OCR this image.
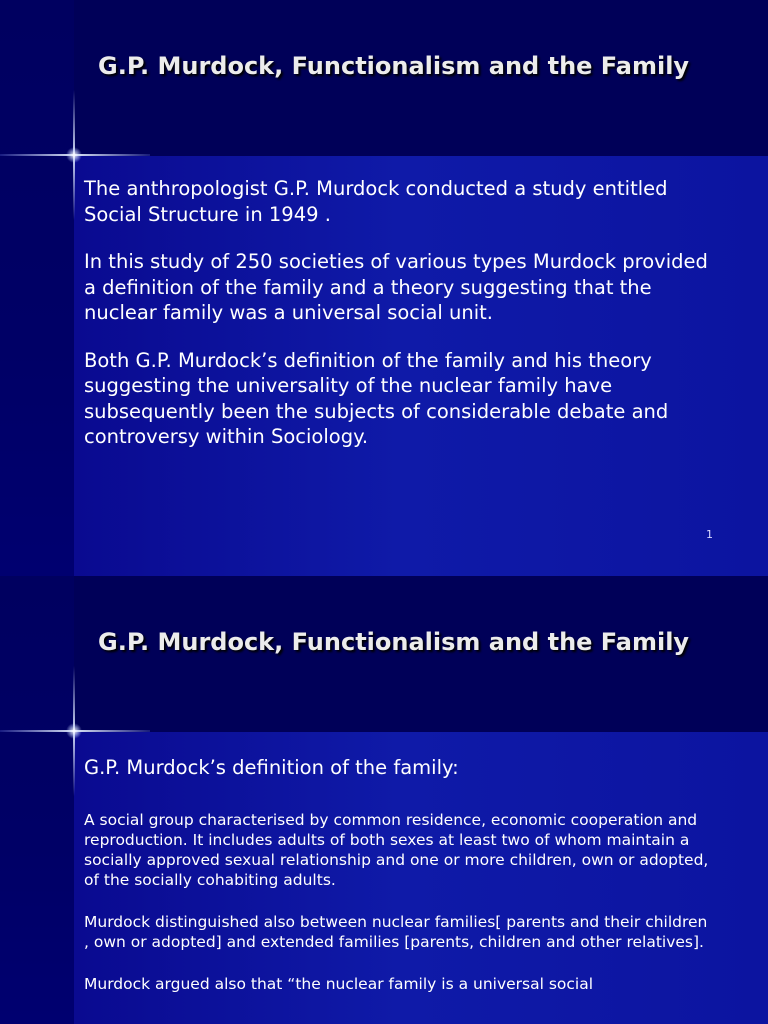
G.P. Murdock, Functionalism and the Family

The anthropologist G.P. Murdock conducted a study entitled Social Structure in 1949 .

In this study of 250 societies of various types Murdock provided a definition of the family and a theory suggesting that the nuclear family was a universal social unit.

Both G.P. Murdock’s definition of the family and his theory suggesting the universality of the nuclear family have subsequently been the subjects of considerable debate and controversy within Sociology.

1
G.P. Murdock, Functionalism and the Family

G.P. Murdock’s definition of the family:

A social group characterised by common residence, economic cooperation and reproduction. It includes adults of both sexes at least two of whom maintain a socially approved sexual relationship and one or more children, own or adopted, of the socially cohabiting adults.

Murdock distinguished also between nuclear families[ parents and their children , own or adopted] and extended families [parents, children and other relatives].

Murdock argued also that “the nuclear family is a universal social
